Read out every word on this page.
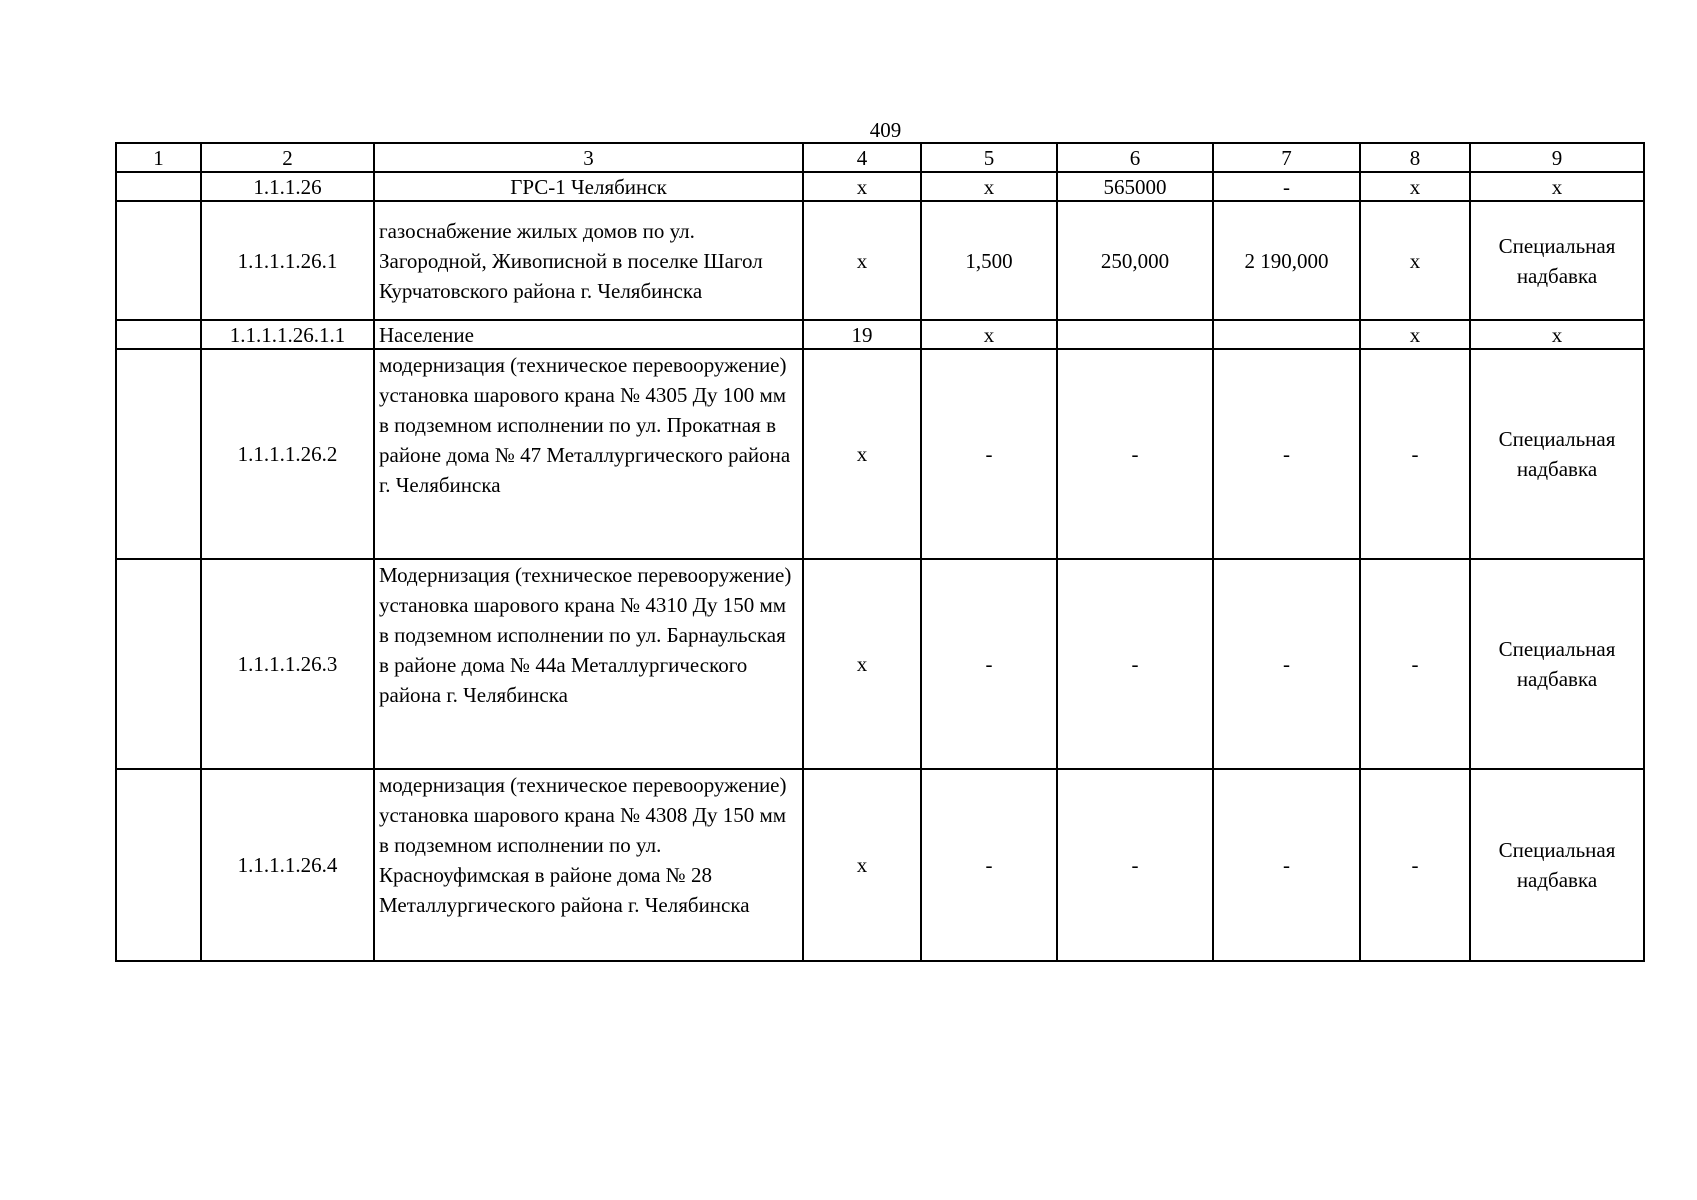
409
1	2	3	4	5	6	7	8	9
	1.1.1.26	ГРС-1 Челябинск	х	х	565000	-	х	х
	1.1.1.1.26.1	газоснабжение жилых домов по ул. Загородной, Живописной в поселке Шагол Курчатовского района г. Челябинска	х	1,500	250,000	2 190,000	х	Специальная надбавка
	1.1.1.1.26.1.1	Население	19	х			х	х
	1.1.1.1.26.2	модернизация (техническое перевооружение) установка шарового крана № 4305 Ду 100 мм в подземном исполнении по ул. Прокатная в районе дома № 47 Металлургического района г. Челябинска	х	-	-	-	-	Специальная надбавка
	1.1.1.1.26.3	Модернизация (техническое перевооружение) установка шарового крана № 4310 Ду 150 мм в подземном исполнении по ул. Барнаульская в районе дома № 44а Металлургического района г. Челябинска	х	-	-	-	-	Специальная надбавка
	1.1.1.1.26.4	модернизация (техническое перевооружение) установка шарового крана № 4308 Ду 150 мм в подземном исполнении по ул. Красноуфимская в районе дома № 28 Металлургического района г. Челябинска	х	-	-	-	-	Специальная надбавка
